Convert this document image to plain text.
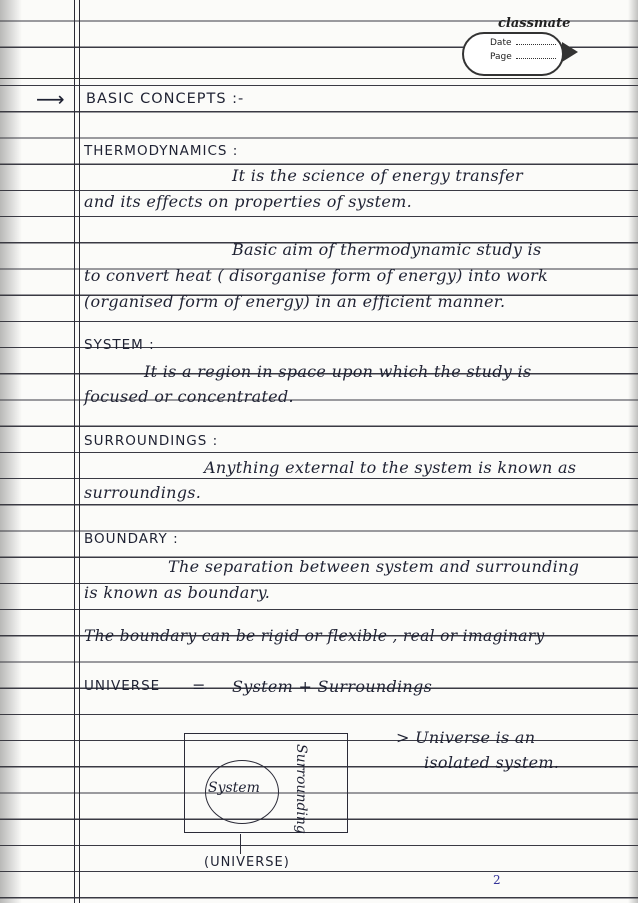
classmate
Date
Page
⟶ BASIC CONCEPTS :-
THERMODYNAMICS :
It is the science of energy transfer
and its effects on properties of system.
Basic aim of thermodynamic study is
to convert heat ( disorganise form of energy) into work
(organised form of energy) in an efficient manner.
SYSTEM :
It is a region in space upon which the study is
focused or concentrated.
SURROUNDINGS :
Anything external to the system is known as
surroundings.
BOUNDARY :
The separation between system and surrounding
is known as boundary.
The boundary can be rigid or flexible , real or imaginary
UNIVERSE = System + Surroundings
> Universe is an
isolated system.
System Surrounding
(UNIVERSE)
2
